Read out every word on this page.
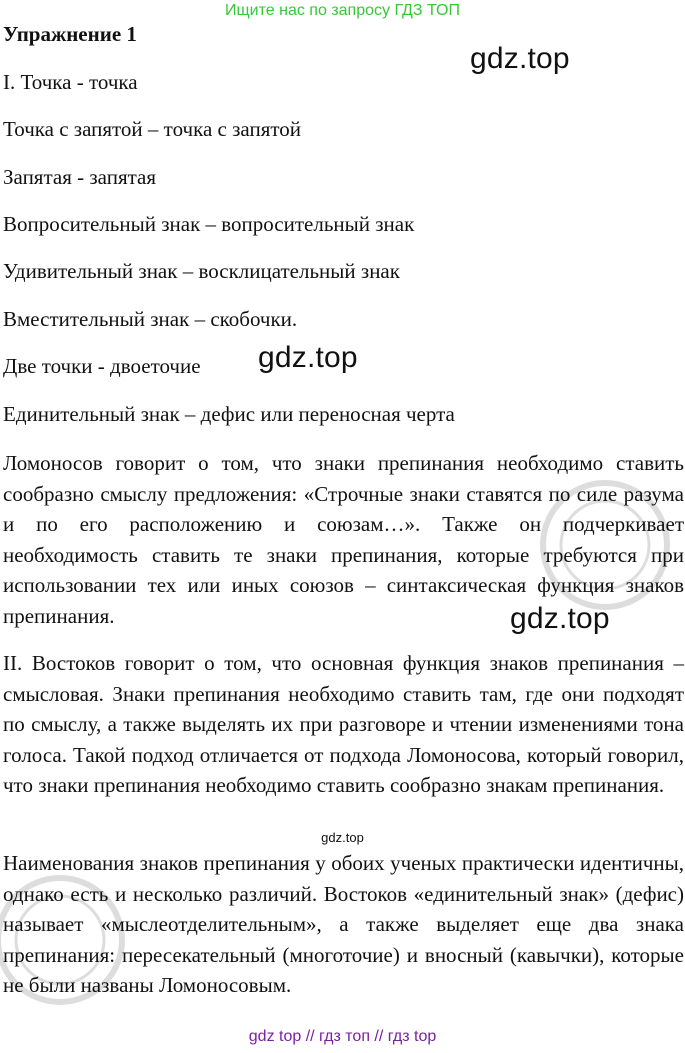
Ищите нас по запросу ГДЗ ТОП
Упражнение 1
I. Точка - точка
Точка с запятой – точка с запятой
Запятая - запятая
Вопросительный знак – вопросительный знак
Удивительный знак – восклицательный знак
Вместительный знак – скобочки.
Две точки - двоеточие
Единительный знак – дефис или переносная черта

Ломоносов говорит о том, что знаки препинания необходимо ставить сообразно смыслу предложения: «Строчные знаки ставятся по силе разума и по его расположению и союзам…». Также он подчеркивает необходимость ставить те знаки препинания, которые требуются при использовании тех или иных союзов – синтаксическая функция знаков препинания.

II. Востоков говорит о том, что основная функция знаков препинания – смысловая. Знаки препинания необходимо ставить там, где они подходят по смыслу, а также выделять их при разговоре и чтении изменениями тона голоса. Такой подход отличается от подхода Ломоносова, который говорил, что знаки препинания необходимо ставить сообразно знакам препинания.

Наименования знаков препинания у обоих ученых практически идентичны, однако есть и несколько различий. Востоков «единительный знак» (дефис) называет «мыслеотделительным», а также выделяет еще два знака препинания: пересекательный (многоточие) и вносный (кавычки), которые не были названы Ломоносовым.

gdz.top
gdz.top
gdz.top
gdz.top
gdz top // гдз топ // гдз top
